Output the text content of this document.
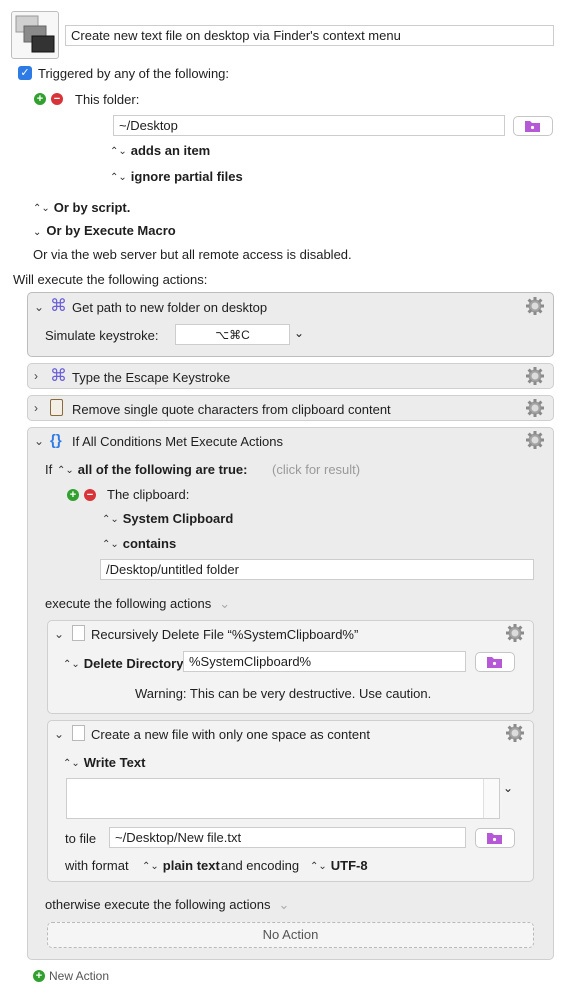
Create new text file on desktop via Finder's context menu
✓ Triggered by any of the following:
+ − This folder:
~/Desktop
⌃⌄ adds an item
⌃⌄ ignore partial files
⌃⌄ Or by script.
⌄ Or by Execute Macro
Or via the web server but all remote access is disabled.
Will execute the following actions:
⌄ ⌘ Get path to new folder on desktop
Simulate keystroke:	⌥⌘C	⌄
› ⌘ Type the Escape Keystroke
›	Remove single quote characters from clipboard content
⌄ {} If All Conditions Met Execute Actions
If ⌃⌄ all of the following are true: (click for result)
+ − The clipboard:
⌃⌄ System Clipboard
⌃⌄ contains
/Desktop/untitled folder
execute the following actions ⌄
⌄ Recursively Delete File “%SystemClipboard%”
⌃⌄ Delete Directory %SystemClipboard%
Warning: This can be very destructive. Use caution.
⌄ Create a new file with only one space as content
⌃⌄ Write Text
⌄
to file	~/Desktop/New file.txt
with format ⌃⌄ plain text and encoding ⌃⌄ UTF-8
otherwise execute the following actions ⌄
No Action
+ New Action
